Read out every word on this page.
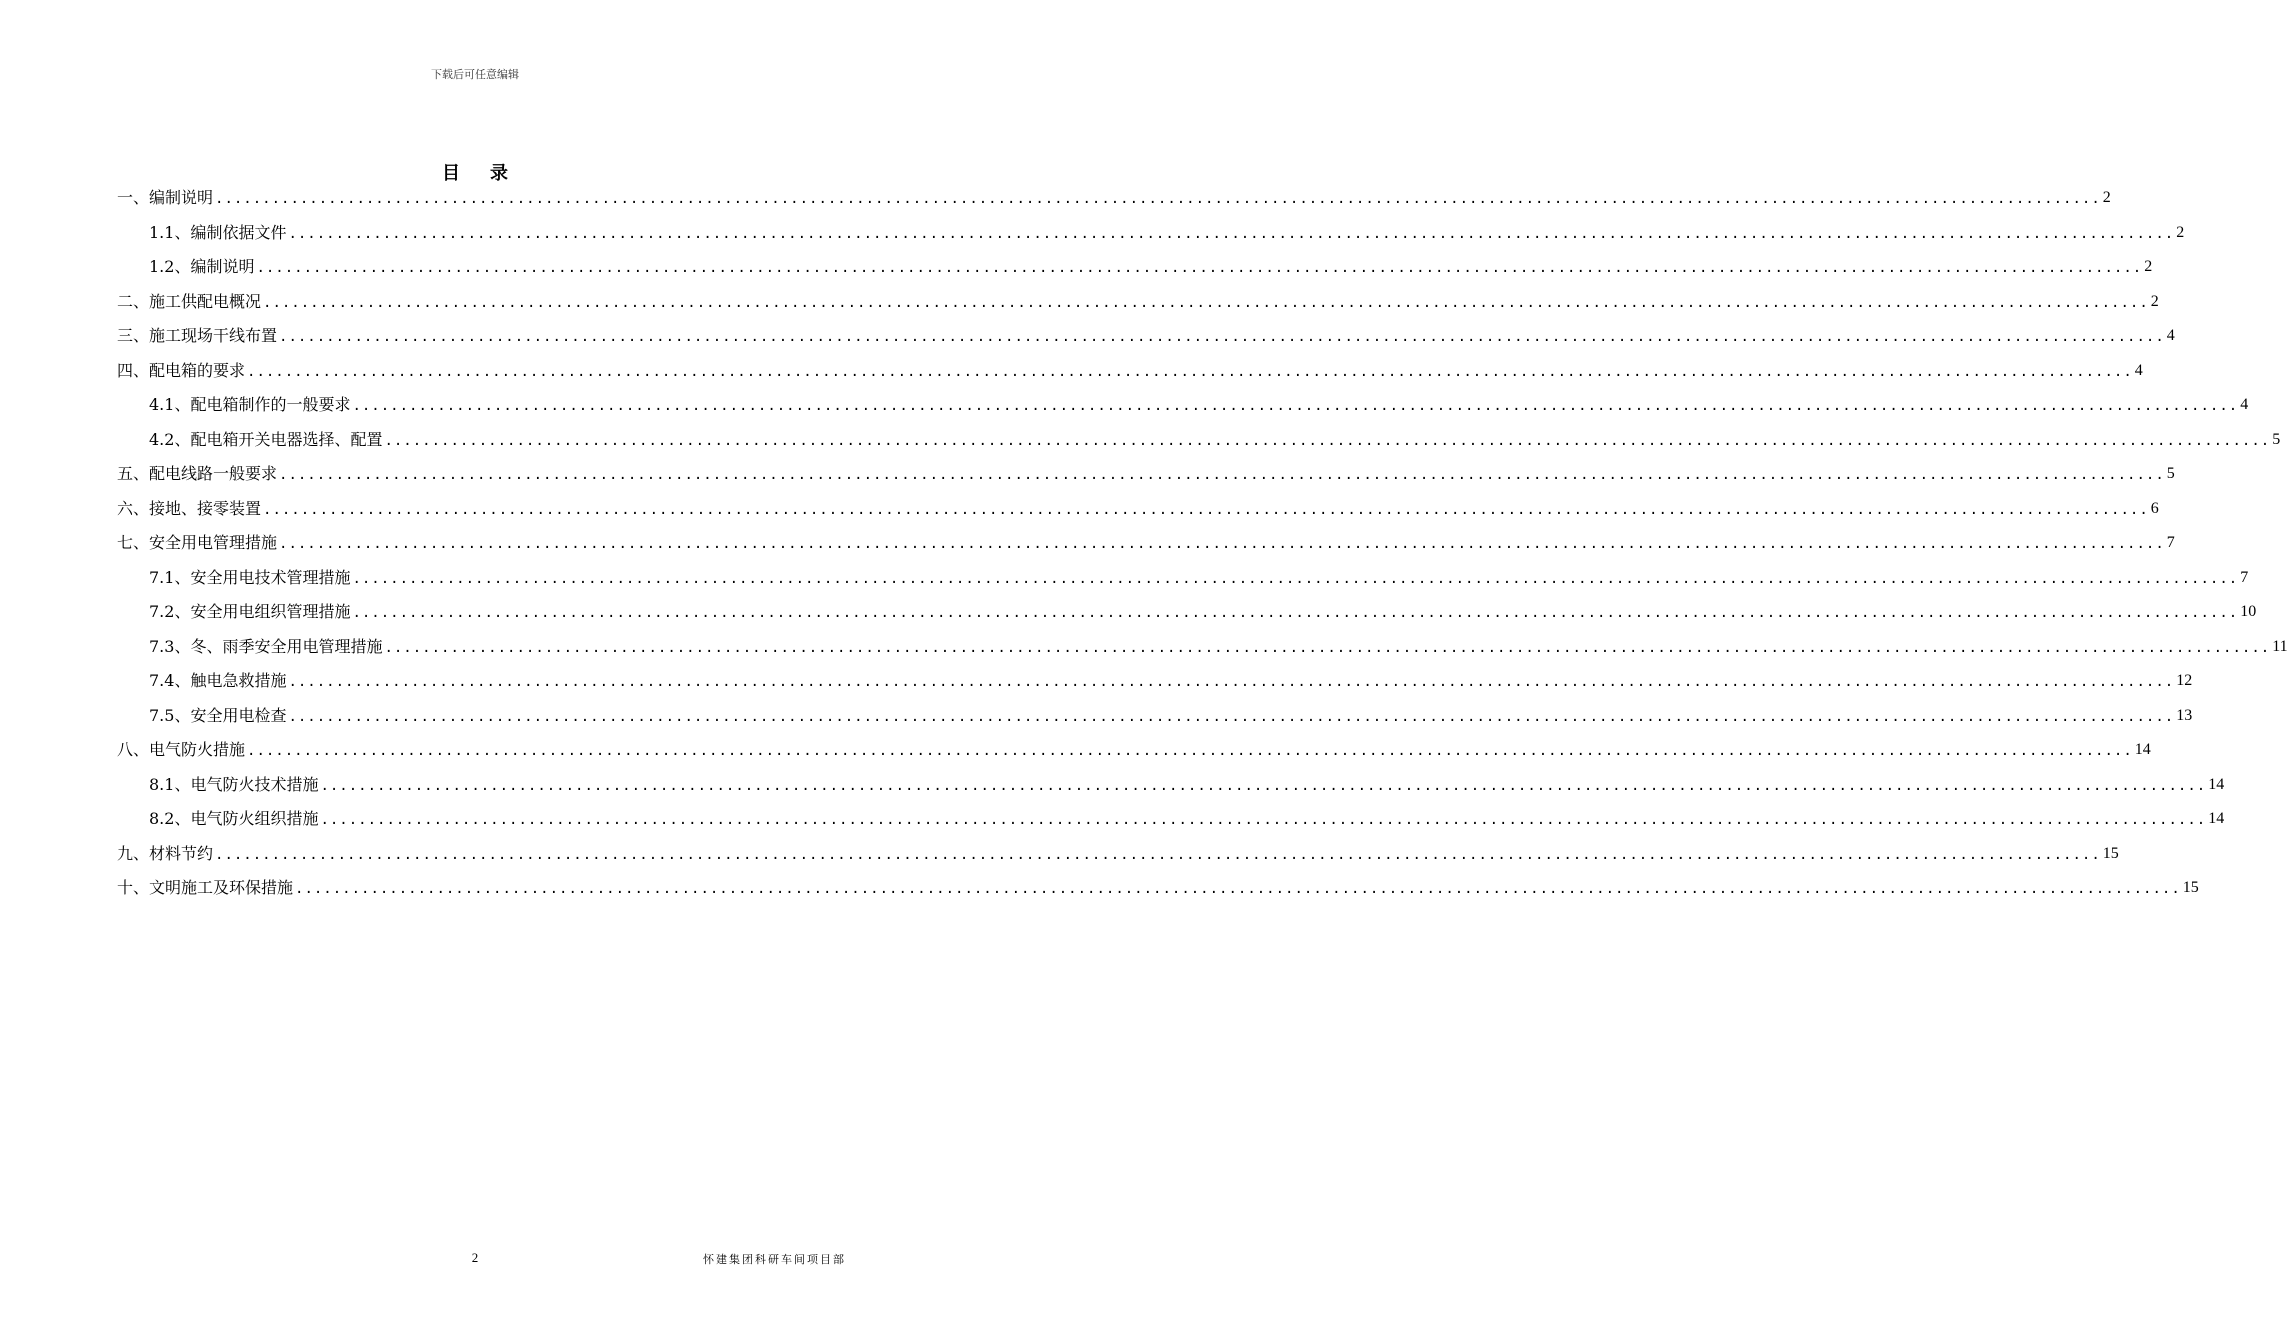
下载后可任意编辑
目录
一、编制说明 ........................................................................................................................................................................................................ 2
1.1、编制依据文件 ........................................................................................................................................................................................................ 2
1.2、编制说明 ........................................................................................................................................................................................................ 2
二、施工供配电概况 ........................................................................................................................................................................................................ 2
三、施工现场干线布置 ........................................................................................................................................................................................................ 4
四、配电箱的要求 ........................................................................................................................................................................................................ 4
4.1、配电箱制作的一般要求 ........................................................................................................................................................................................................ 4
4.2、配电箱开关电器选择、配置 ........................................................................................................................................................................................................ 5
五、配电线路一般要求 ........................................................................................................................................................................................................ 5
六、接地、接零装置 ........................................................................................................................................................................................................ 6
七、安全用电管理措施 ........................................................................................................................................................................................................ 7
7.1、安全用电技术管理措施 ........................................................................................................................................................................................................ 7
7.2、安全用电组织管理措施 ........................................................................................................................................................................................................ 10
7.3、冬、雨季安全用电管理措施 ........................................................................................................................................................................................................ 11
7.4、触电急救措施 ........................................................................................................................................................................................................ 12
7.5、安全用电检查 ........................................................................................................................................................................................................ 13
八、电气防火措施 ........................................................................................................................................................................................................ 14
8.1、电气防火技术措施 ........................................................................................................................................................................................................ 14
8.2、电气防火组织措施 ........................................................................................................................................................................................................ 14
九、材料节约 ........................................................................................................................................................................................................ 15
十、文明施工及环保措施 ........................................................................................................................................................................................................ 15
2	怀建集团科研车间项目部
